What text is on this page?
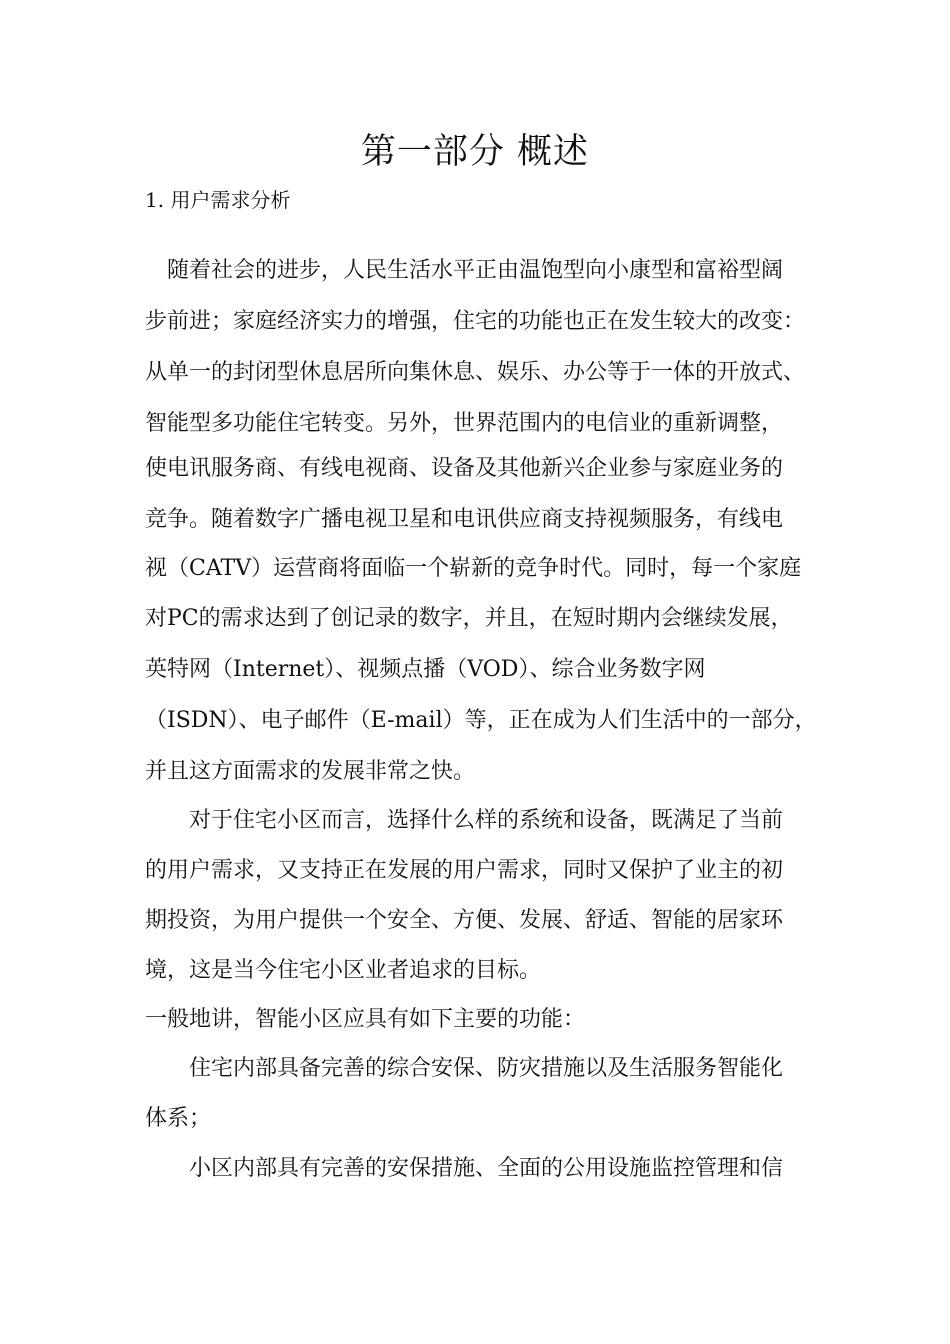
第一部分 概述
1. 用户需求分析
　随着社会的进步，人民生活水平正由温饱型向小康型和富裕型阔
步前进；家庭经济实力的增强，住宅的功能也正在发生较大的改变：
从单一的封闭型休息居所向集休息、娱乐、办公等于一体的开放式、
智能型多功能住宅转变。另外，世界范围内的电信业的重新调整，
使电讯服务商、有线电视商、设备及其他新兴企业参与家庭业务的
竞争。随着数字广播电视卫星和电讯供应商支持视频服务，有线电
视（CATV）运营商将面临一个崭新的竞争时代。同时，每一个家庭
对PC的需求达到了创记录的数字，并且，在短时期内会继续发展，
英特网（Internet）、视频点播（VOD）、综合业务数字网
（ISDN）、电子邮件（E-mail）等，正在成为人们生活中的一部分，
并且这方面需求的发展非常之快。
　　对于住宅小区而言，选择什么样的系统和设备，既满足了当前
的用户需求，又支持正在发展的用户需求，同时又保护了业主的初
期投资，为用户提供一个安全、方便、发展、舒适、智能的居家环
境，这是当今住宅小区业者追求的目标。
一般地讲，智能小区应具有如下主要的功能：
　　住宅内部具备完善的综合安保、防灾措施以及生活服务智能化
体系；
　　小区内部具有完善的安保措施、全面的公用设施监控管理和信
